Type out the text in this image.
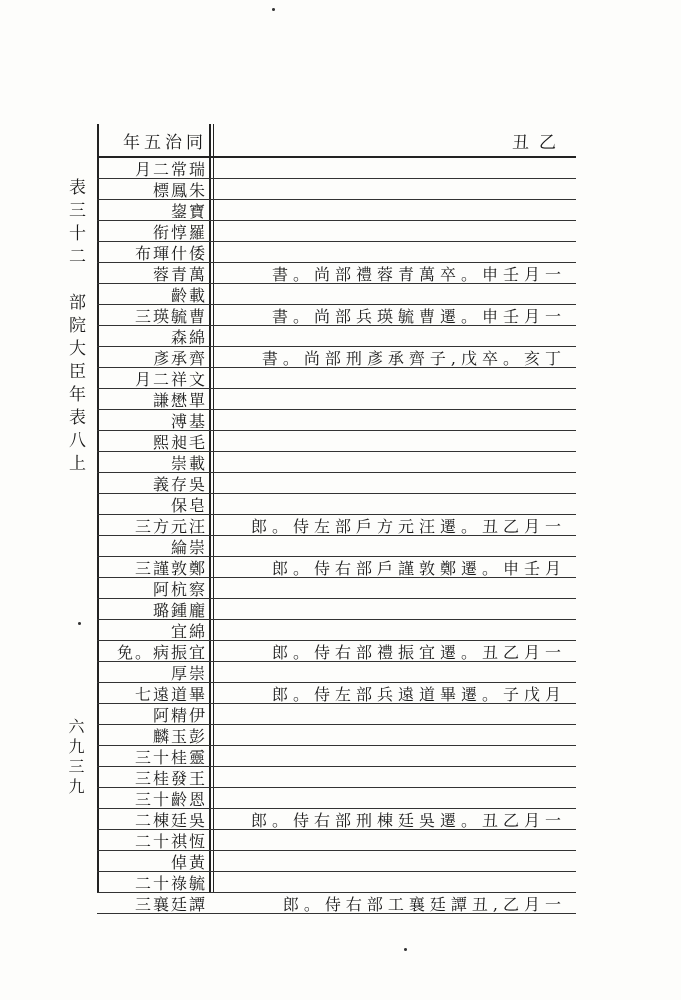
表三十二　部院大臣年表八上
六九三九
年五治同	丑乙
月二常瑞
標鳳朱
鋆寶
衔惇羅
布琿什倭
蓉青萬	書。尚部禮蓉青萬卒。申壬月一
齡載
三瑛毓曹	書。尚部兵瑛毓曹遷。申壬月一
森綿
彥承齊	書。尚部刑彥承齊子,戊卒。亥丁
月二祥文
謙懋單
溥基
熙昶毛
崇載
義存吳
保皂
三方元汪	郎。侍左部戶方元汪遷。丑乙月一
綸崇
三謹敦鄭	郎。侍右部戶謹敦鄭遷。申壬月
阿杭察
璐鍾龐
宜綿
免。病振宜	郎。侍右部禮振宜遷。丑乙月一
厚崇
七遠道畢	郎。侍左部兵遠道畢遷。子戊月
阿精伊
麟玉彭
三十桂靈
三桂發王
三十齡恩
二棟廷吳	郎。侍右部刑棟廷吳遷。丑乙月一
二十祺恆
倬黃
二十祿毓
三襄廷譚	郎。侍右部工襄廷譚丑,乙月一
